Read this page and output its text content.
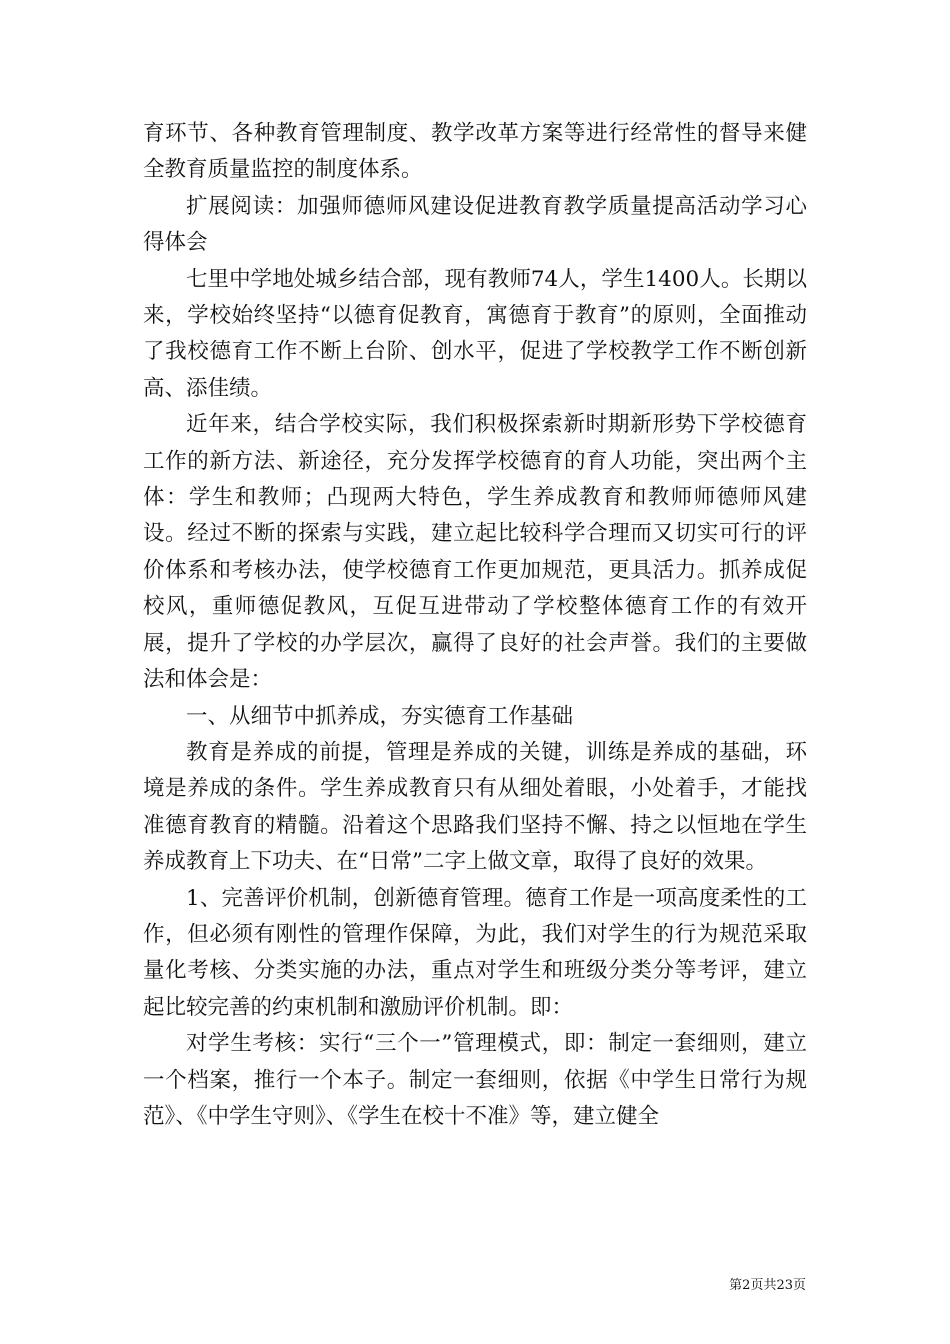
育环节、各种教育管理制度、教学改革方案等进行经常性的督导来健全教育质量监控的制度体系。

扩展阅读：加强师德师风建设促进教育教学质量提高活动学习心得体会

七里中学地处城乡结合部，现有教师74人，学生1400人。长期以来，学校始终坚持“以德育促教育，寓德育于教育”的原则，全面推动了我校德育工作不断上台阶、创水平，促进了学校教学工作不断创新高、添佳绩。

近年来，结合学校实际，我们积极探索新时期新形势下学校德育工作的新方法、新途径，充分发挥学校德育的育人功能，突出两个主体：学生和教师；凸现两大特色，学生养成教育和教师师德师风建设。经过不断的探索与实践，建立起比较科学合理而又切实可行的评价体系和考核办法，使学校德育工作更加规范，更具活力。抓养成促校风，重师德促教风，互促互进带动了学校整体德育工作的有效开展，提升了学校的办学层次，赢得了良好的社会声誉。我们的主要做法和体会是：

一、从细节中抓养成，夯实德育工作基础

教育是养成的前提，管理是养成的关键，训练是养成的基础，环境是养成的条件。学生养成教育只有从细处着眼，小处着手，才能找准德育教育的精髓。沿着这个思路我们坚持不懈、持之以恒地在学生养成教育上下功夫、在“日常”二字上做文章，取得了良好的效果。

1、完善评价机制，创新德育管理。德育工作是一项高度柔性的工作，但必须有刚性的管理作保障，为此，我们对学生的行为规范采取量化考核、分类实施的办法，重点对学生和班级分类分等考评，建立起比较完善的约束机制和激励评价机制。即：

对学生考核：实行“三个一”管理模式，即：制定一套细则，建立一个档案，推行一个本子。制定一套细则，依据《中学生日常行为规范》、《中学生守则》、《学生在校十不准》等，建立健全

第2页共23页
